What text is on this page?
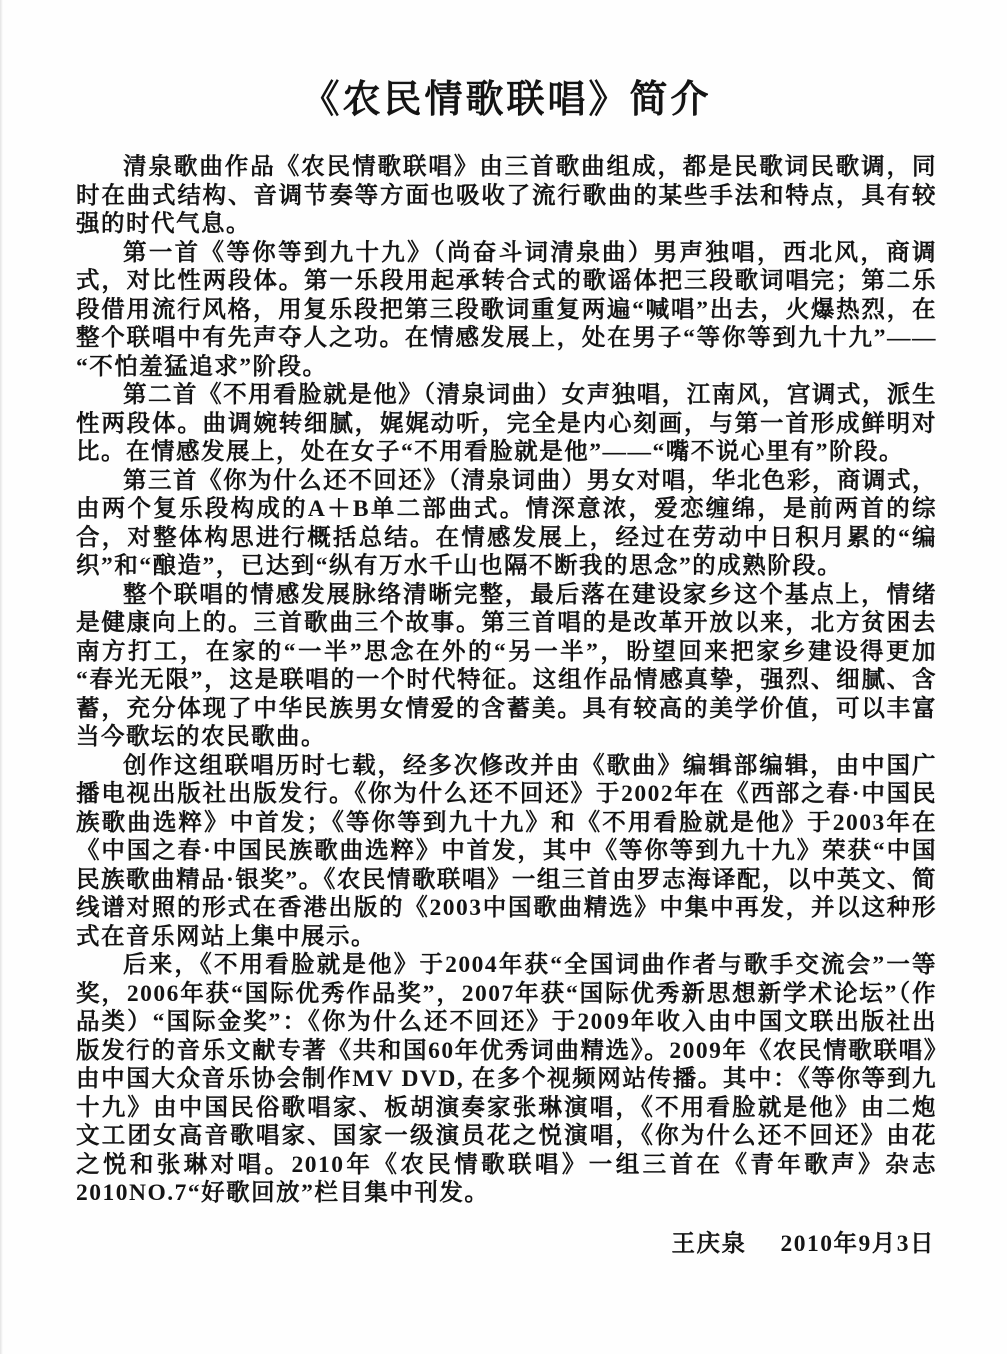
《农民情歌联唱》简介

清泉歌曲作品《农民情歌联唱》由三首歌曲组成，都是民歌词民歌调，同时在曲式结构、音调节奏等方面也吸收了流行歌曲的某些手法和特点，具有较强的时代气息。

第一首《等你等到九十九》（尚奋斗词清泉曲）男声独唱，西北风，商调式，对比性两段体。第一乐段用起承转合式的歌谣体把三段歌词唱完；第二乐段借用流行风格，用复乐段把第三段歌词重复两遍“喊唱”出去，火爆热烈，在整个联唱中有先声夺人之功。在情感发展上，处在男子“等你等到九十九”——“不怕羞猛追求”阶段。

第二首《不用看脸就是他》（清泉词曲）女声独唱，江南风，宫调式，派生性两段体。曲调婉转细腻，娓娓动听，完全是内心刻画，与第一首形成鲜明对比。在情感发展上，处在女子“不用看脸就是他”——“嘴不说心里有”阶段。

第三首《你为什么还不回还》（清泉词曲）男女对唱，华北色彩，商调式，由两个复乐段构成的A＋B单二部曲式。情深意浓，爱恋缠绵，是前两首的综合，对整体构思进行概括总结。在情感发展上，经过在劳动中日积月累的“编织”和“酿造”，已达到“纵有万水千山也隔不断我的思念”的成熟阶段。

整个联唱的情感发展脉络清晰完整，最后落在建设家乡这个基点上，情绪是健康向上的。三首歌曲三个故事。第三首唱的是改革开放以来，北方贫困去南方打工，在家的“一半”思念在外的“另一半”，盼望回来把家乡建设得更加“春光无限”，这是联唱的一个时代特征。这组作品情感真挚，强烈、细腻、含蓄，充分体现了中华民族男女情爱的含蓄美。具有较高的美学价值，可以丰富当今歌坛的农民歌曲。

创作这组联唱历时七载，经多次修改并由《歌曲》编辑部编辑，由中国广播电视出版社出版发行。《你为什么还不回还》于2002年在《西部之春·中国民族歌曲选粹》中首发；《等你等到九十九》和《不用看脸就是他》于2003年在《中国之春·中国民族歌曲选粹》中首发，其中《等你等到九十九》荣获“中国民族歌曲精品·银奖”。《农民情歌联唱》一组三首由罗志海译配，以中英文、简线谱对照的形式在香港出版的《2003中国歌曲精选》中集中再发，并以这种形式在音乐网站上集中展示。

后来，《不用看脸就是他》于2004年获“全国词曲作者与歌手交流会”一等奖，2006年获“国际优秀作品奖”，2007年获“国际优秀新思想新学术论坛”（作品类）“国际金奖”：《你为什么还不回还》于2009年收入由中国文联出版社出版发行的音乐文献专著《共和国60年优秀词曲精选》。2009年《农民情歌联唱》由中国大众音乐协会制作MV DVD, 在多个视频网站传播。其中：《等你等到九十九》由中国民俗歌唱家、板胡演奏家张琳演唱，《不用看脸就是他》由二炮文工团女高音歌唱家、国家一级演员花之悦演唱，《你为什么还不回还》由花之悦和张琳对唱。2010年《农民情歌联唱》一组三首在《青年歌声》杂志2010NO.7“好歌回放”栏目集中刊发。

王庆泉 2010年9月3日
